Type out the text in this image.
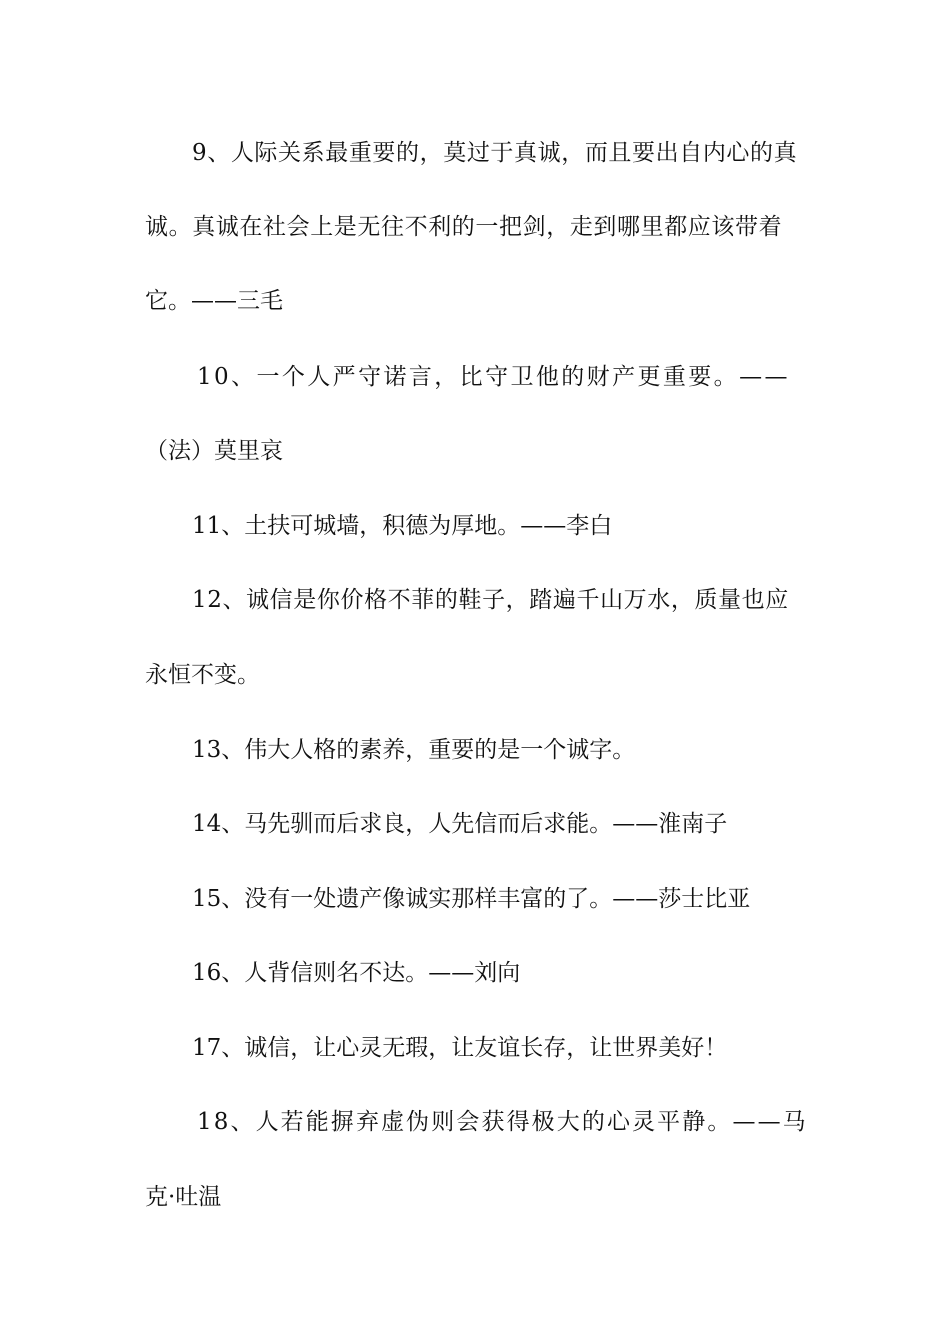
9、人际关系最重要的，莫过于真诚，而且要出自内心的真
诚。真诚在社会上是无往不利的一把剑，走到哪里都应该带着
它。——三毛
10、一个人严守诺言，比守卫他的财产更重要。——
（法）莫里哀
11、土扶可城墙，积德为厚地。——李白
12、诚信是你价格不菲的鞋子，踏遍千山万水，质量也应
永恒不变。
13、伟大人格的素养，重要的是一个诚字。
14、马先驯而后求良，人先信而后求能。——淮南子
15、没有一处遗产像诚实那样丰富的了。——莎士比亚
16、人背信则名不达。——刘向
17、诚信，让心灵无瑕，让友谊长存，让世界美好！
18、人若能摒弃虚伪则会获得极大的心灵平静。——马
克·吐温
